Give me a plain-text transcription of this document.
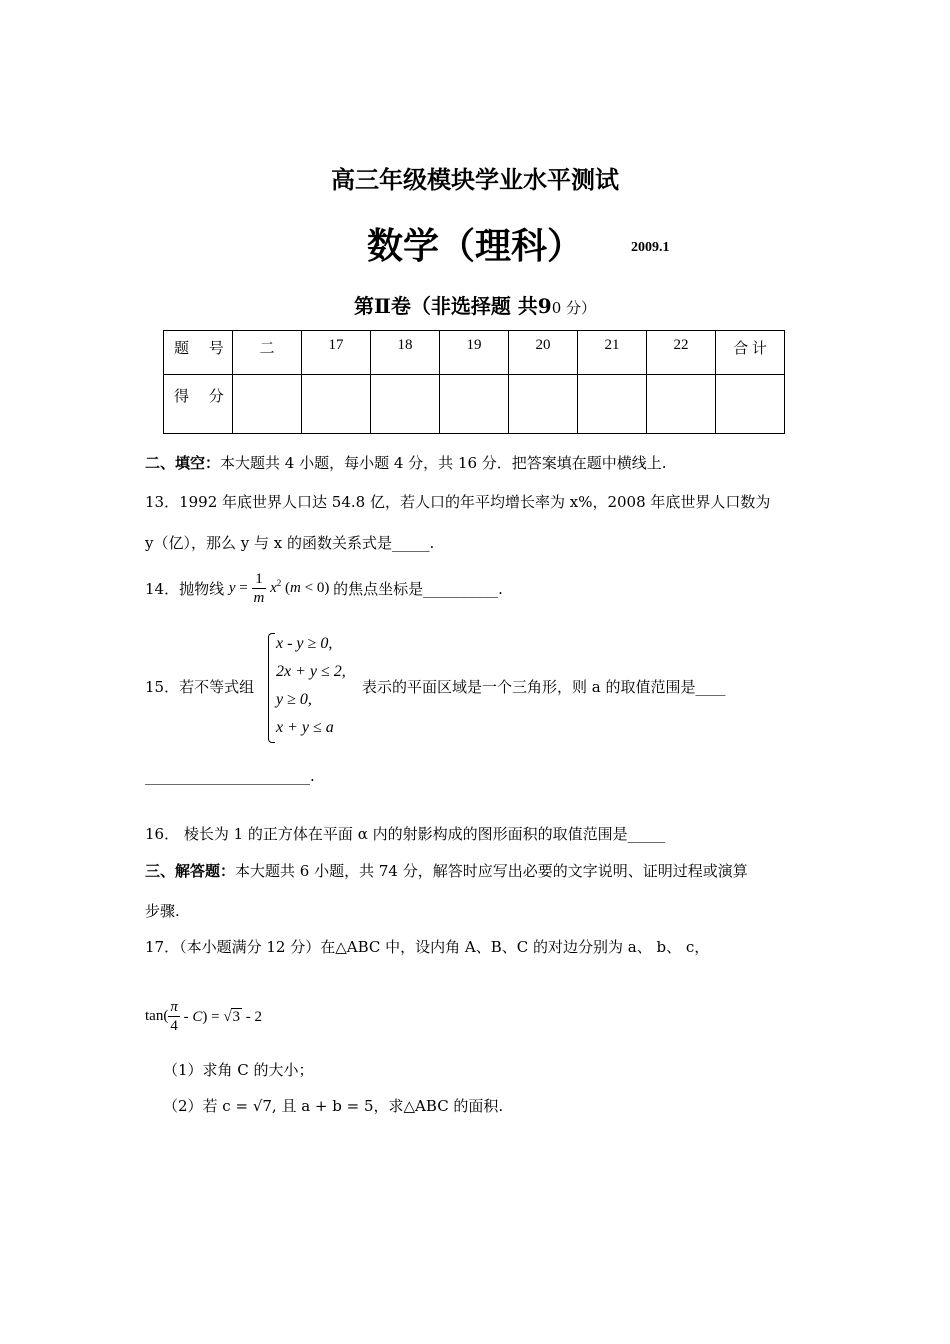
高三年级模块学业水平测试
数学（理科）	2009.1
第Ⅱ卷（非选择题 共90 分）
题 号	二	17	18	19	20	21	22	合 计
得 分								
二、填空：本大题共 4 小题，每小题 4 分，共 16 分．把答案填在题中横线上.
13．1992 年底世界人口达 54.8 亿，若人口的年平均增长率为 x%，2008 年底世界人口数为
y（亿），那么 y 与 x 的函数关系式是_____.
14．抛物线 $y = \frac{1}{m} x^2$ (m < 0) 的焦点坐标是__________.
15．若不等式组
x - y ≥ 0,
2x + y ≤ 2,
y ≥ 0,
x + y ≤ a
表示的平面区域是一个三角形，则 a 的取值范围是____
______________________.
16． 棱长为 1 的正方体在平面 α 内的射影构成的图形面积的取值范围是_____
三、解答题：本大题共 6 小题，共 74 分，解答时应写出必要的文字说明、证明过程或演算
步骤.
17．（本小题满分 12 分）在△ABC 中，设内角 A、B、C 的对边分别为 a、 b、 c，
$\tan( \frac{\pi}{4} - C) = √3 - 2$
（1）求角 C 的大小；
（2）若 c = √7, 且 a + b = 5，求△ABC 的面积.
